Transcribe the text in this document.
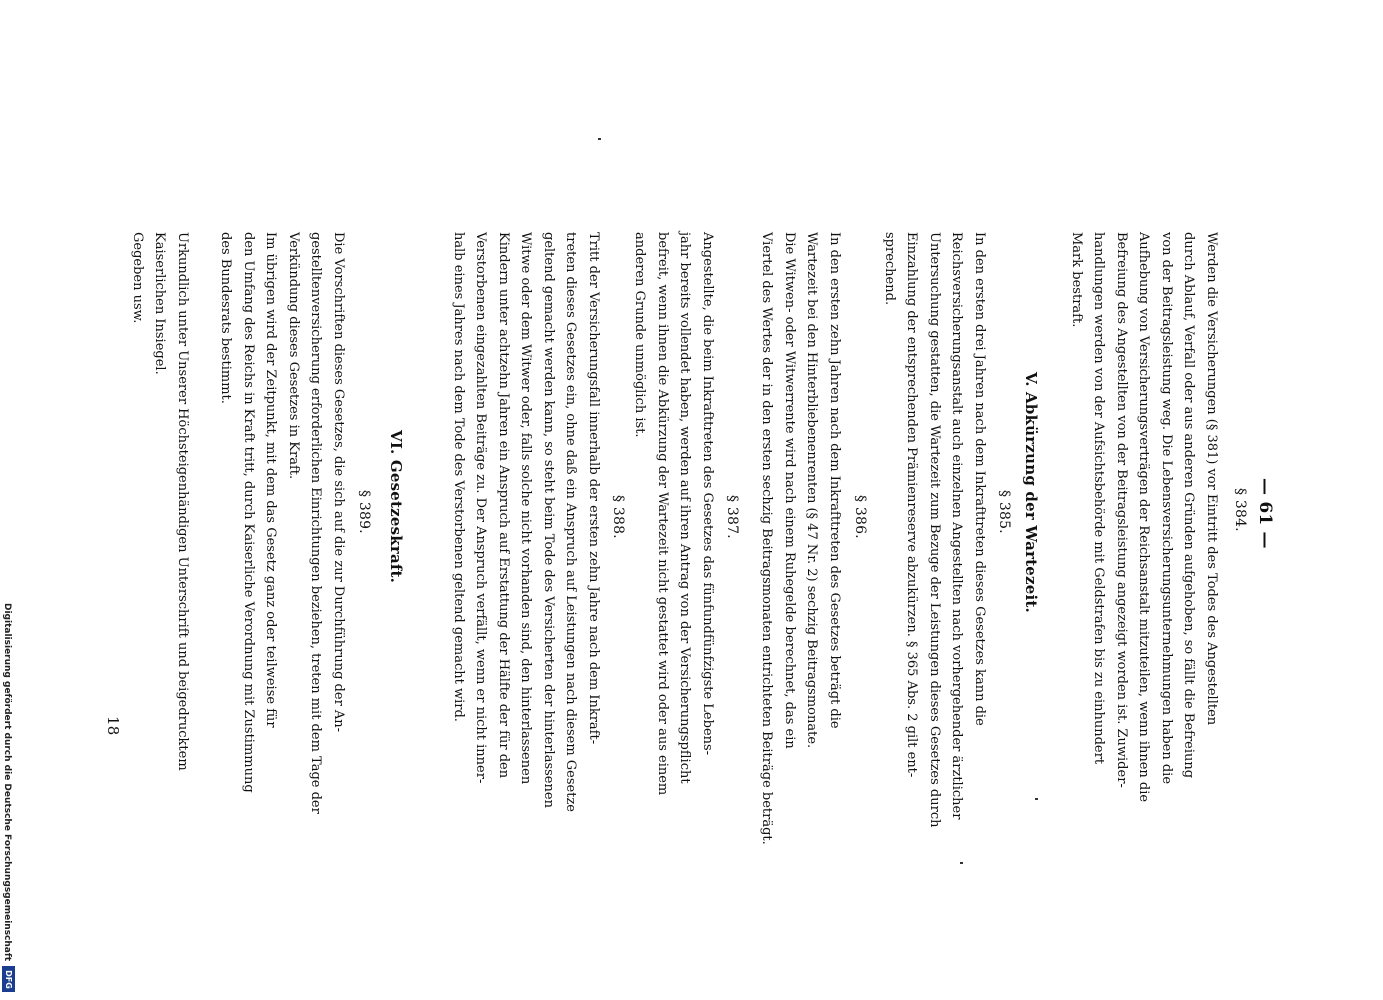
Digitalisierung gefördert durch die Deutsche Forschungsgemeinschaft
DFG
— 61 —
§ 384.

Werden die Versicherungen (§ 381) vor Eintritt des Todes des Angestellten

durch Ablauf, Verfall oder aus anderen Gründen aufgehoben, so fällt die Befreiung

von der Beitragsleistung weg. Die Lebensversicherungsunternehmungen haben die

Aufhebung von Versicherungsverträgen der Reichsanstalt mitzuteilen, wenn ihnen die

Befreiung des Angestellten von der Beitragsleistung angezeigt worden ist. Zuwider-

handlungen werden von der Aufsichtsbehörde mit Geldstrafen bis zu einhundert

Mark bestraft.

V. Abkürzung der Wartezeit.
§ 385.

In den ersten drei Jahren nach dem Inkrafttreten dieses Gesetzes kann die

Reichsversicherungsanstalt auch einzelnen Angestellten nach vorhergehender ärztlicher

Untersuchung gestatten, die Wartezeit zum Bezuge der Leistungen dieses Gesetzes durch

Einzahlung der entsprechenden Prämienreserve abzukürzen. § 365 Abs. 2 gilt ent-

sprechend.

§ 386.

In den ersten zehn Jahren nach dem Inkrafttreten des Gesetzes beträgt die

Wartezeit bei den Hinterbliebenenrenten (§ 47 Nr. 2) sechzig Beitragsmonate.

Die Witwen- oder Witwerrente wird nach einem Ruhegelde berechnet, das ein

Viertel des Wertes der in den ersten sechzig Beitragsmonaten entrichteten Beiträge beträgt.

§ 387.

Angestellte, die beim Inkrafttreten des Gesetzes das fünfundfünfzigste Lebens-

jahr bereits vollendet haben, werden auf ihren Antrag von der Versicherungspflicht

befreit, wenn ihnen die Abkürzung der Wartezeit nicht gestattet wird oder aus einem

anderen Grunde unmöglich ist.

§ 388.

Tritt der Versicherungsfall innerhalb der ersten zehn Jahre nach dem Inkraft-

treten dieses Gesetzes ein, ohne daß ein Anspruch auf Leistungen nach diesem Gesetze

geltend gemacht werden kann, so steht beim Tode des Versicherten der hinterlassenen

Witwe oder dem Witwer oder, falls solche nicht vorhanden sind, den hinterlassenen

Kindern unter achtzehn Jahren ein Anspruch auf Erstattung der Hälfte der für den

Verstorbenen eingezahlten Beiträge zu. Der Anspruch verfällt, wenn er nicht inner-

halb eines Jahres nach dem Tode des Verstorbenen geltend gemacht wird.

VI. Gesetzeskraft.
§ 389.

Die Vorschriften dieses Gesetzes, die sich auf die zur Durchführung der An-

gestelltenversicherung erforderlichen Einrichtungen beziehen, treten mit dem Tage der

Verkündung dieses Gesetzes in Kraft.

Im übrigen wird der Zeitpunkt, mit dem das Gesetz ganz oder teilweise für

den Umfang des Reichs in Kraft tritt, durch Kaiserliche Verordnung mit Zustimmung

des Bundesrats bestimmt.

Urkundlich unter Unserer Höchsteigenhändigen Unterschrift und beigedrucktem

Kaiserlichen Insiegel.

Gegeben usw.

18
